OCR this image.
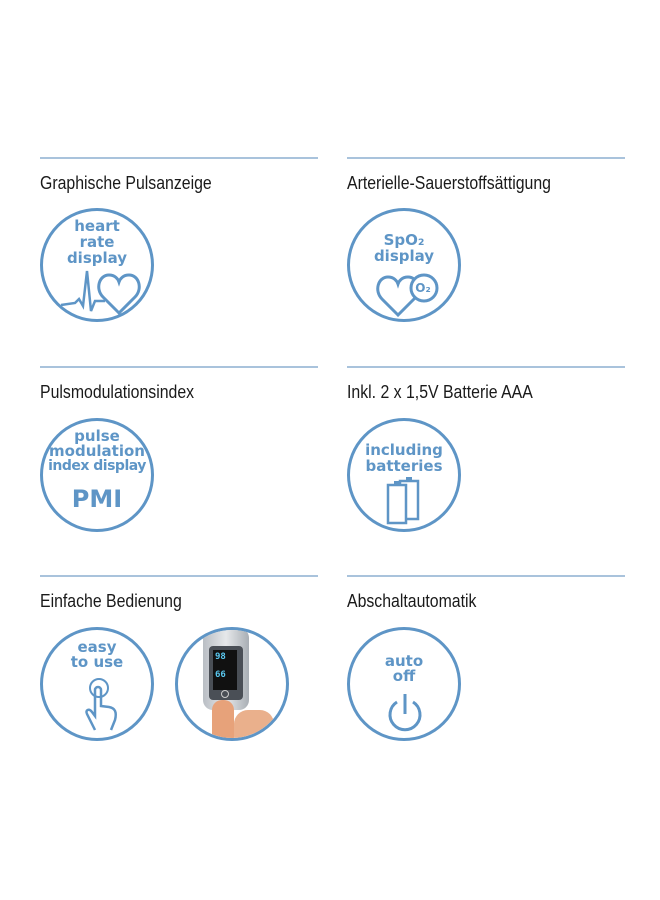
Graphische Pulsanzeige
heart
rate
display
Arterielle-Sauerstoffsättigung
SpO₂
display
O₂
Pulsmodulationsindex
pulse
modulation
index display
PMI
Inkl. 2 x 1,5V Batterie AAA
including
batteries
Einfache Bedienung
easy
to use	98
66
Abschaltautomatik
auto
off
